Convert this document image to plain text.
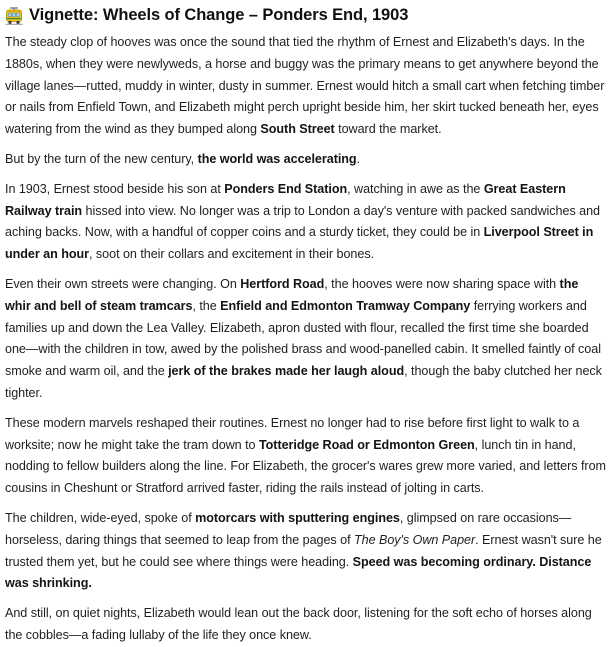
Vignette: Wheels of Change – Ponders End, 1903

The steady clop of hooves was once the sound that tied the rhythm of Ernest and Elizabeth's days. In the 1880s, when they were newlyweds, a horse and buggy was the primary means to get anywhere beyond the village lanes—rutted, muddy in winter, dusty in summer. Ernest would hitch a small cart when fetching timber or nails from Enfield Town, and Elizabeth might perch upright beside him, her skirt tucked beneath her, eyes watering from the wind as they bumped along South Street toward the market.

But by the turn of the new century, the world was accelerating.

In 1903, Ernest stood beside his son at Ponders End Station, watching in awe as the Great Eastern Railway train hissed into view. No longer was a trip to London a day's venture with packed sandwiches and aching backs. Now, with a handful of copper coins and a sturdy ticket, they could be in Liverpool Street in under an hour, soot on their collars and excitement in their bones.

Even their own streets were changing. On Hertford Road, the hooves were now sharing space with the whir and bell of steam tramcars, the Enfield and Edmonton Tramway Company ferrying workers and families up and down the Lea Valley. Elizabeth, apron dusted with flour, recalled the first time she boarded one—with the children in tow, awed by the polished brass and wood-panelled cabin. It smelled faintly of coal smoke and warm oil, and the jerk of the brakes made her laugh aloud, though the baby clutched her neck tighter.

These modern marvels reshaped their routines. Ernest no longer had to rise before first light to walk to a worksite; now he might take the tram down to Totteridge Road or Edmonton Green, lunch tin in hand, nodding to fellow builders along the line. For Elizabeth, the grocer's wares grew more varied, and letters from cousins in Cheshunt or Stratford arrived faster, riding the rails instead of jolting in carts.

The children, wide-eyed, spoke of motorcars with sputtering engines, glimpsed on rare occasions—horseless, daring things that seemed to leap from the pages of The Boy's Own Paper. Ernest wasn't sure he trusted them yet, but he could see where things were heading. Speed was becoming ordinary. Distance was shrinking.

And still, on quiet nights, Elizabeth would lean out the back door, listening for the soft echo of horses along the cobbles—a fading lullaby of the life they once knew.
